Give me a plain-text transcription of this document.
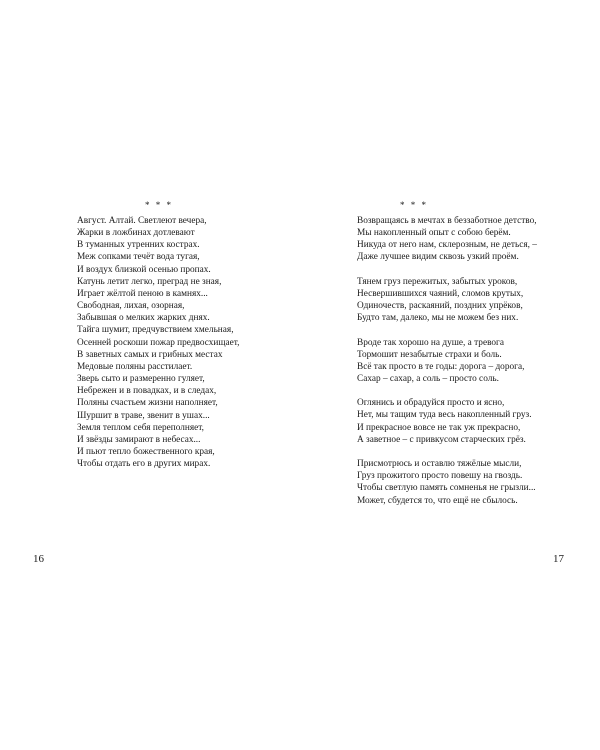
* * *
Август. Алтай. Светлеют вечера,
Жарки в ложбинах дотлевают
В туманных утренних кострах.
Меж сопками течёт вода тугая,
И воздух близкой осенью пропах.
Катунь летит легко, преград не зная,
Играет жёлтой пеною в камнях...
Свободная, лихая, озорная,
Забывшая о мелких жарких днях.
Тайга шумит, предчувствием хмельная,
Осенней роскоши пожар предвосхищает,
В заветных самых и грибных местах
Медовые поляны расстилает.
Зверь сыто и размеренно гуляет,
Небрежен и в повадках, и в следах,
Поляны счастьем жизни наполняет,
Шуршит в траве, звенит в ушах...
Земля теплом себя переполняет,
И звёзды замирают в небесах...
И пьют тепло божественного края,
Чтобы отдать его в других мирах.
16
* * *
Возвращаясь в мечтах в беззаботное детство,
Мы накопленный опыт с собою берём.
Никуда от него нам, склерозным, не деться, –
Даже лучшее видим сквозь узкий проём.
Тянем груз пережитых, забытых уроков,
Несвершившихся чаяний, сломов крутых,
Одиночеств, раскаяний, поздних упрёков,
Будто там, далеко, мы не можем без них.
Вроде так хорошо на душе, а тревога
Тормошит незабытые страхи и боль.
Всё так просто в те годы: дорога – дорога,
Сахар – сахар, а соль – просто соль.
Оглянись и обрадуйся просто и ясно,
Нет, мы тащим туда весь накопленный груз.
И прекрасное вовсе не так уж прекрасно,
А заветное – с привкусом старческих грёз.
Присмотрюсь и оставлю тяжёлые мысли,
Груз прожитого просто повешу на гвоздь.
Чтобы светлую память сомненья не грызли...
Может, сбудется то, что ещё не сбылось.
17
